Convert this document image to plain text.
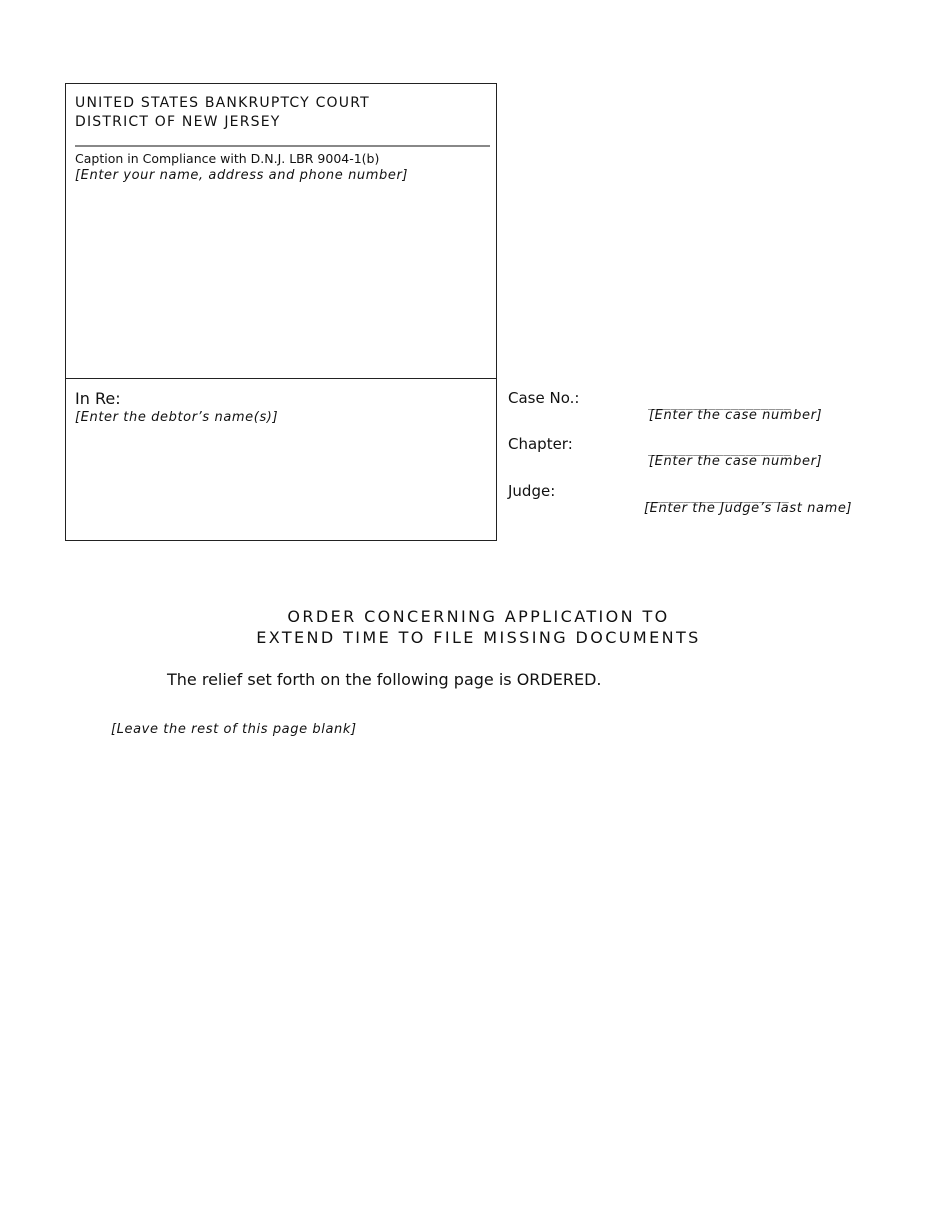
UNITED STATES BANKRUPTCY COURT
DISTRICT OF NEW JERSEY
Caption in Compliance with D.N.J. LBR 9004-1(b)
[Enter your name, address and phone number]
In Re:
[Enter the debtor’s name(s)]
Case No.:	___________________
[Enter the case number]
Chapter:	___________________
[Enter the case number]
Judge:	___________________
[Enter the Judge’s last name]
ORDER CONCERNING APPLICATION TO
EXTEND TIME TO FILE MISSING DOCUMENTS
The relief set forth on the following page is ORDERED.
[Leave the rest of this page blank]
